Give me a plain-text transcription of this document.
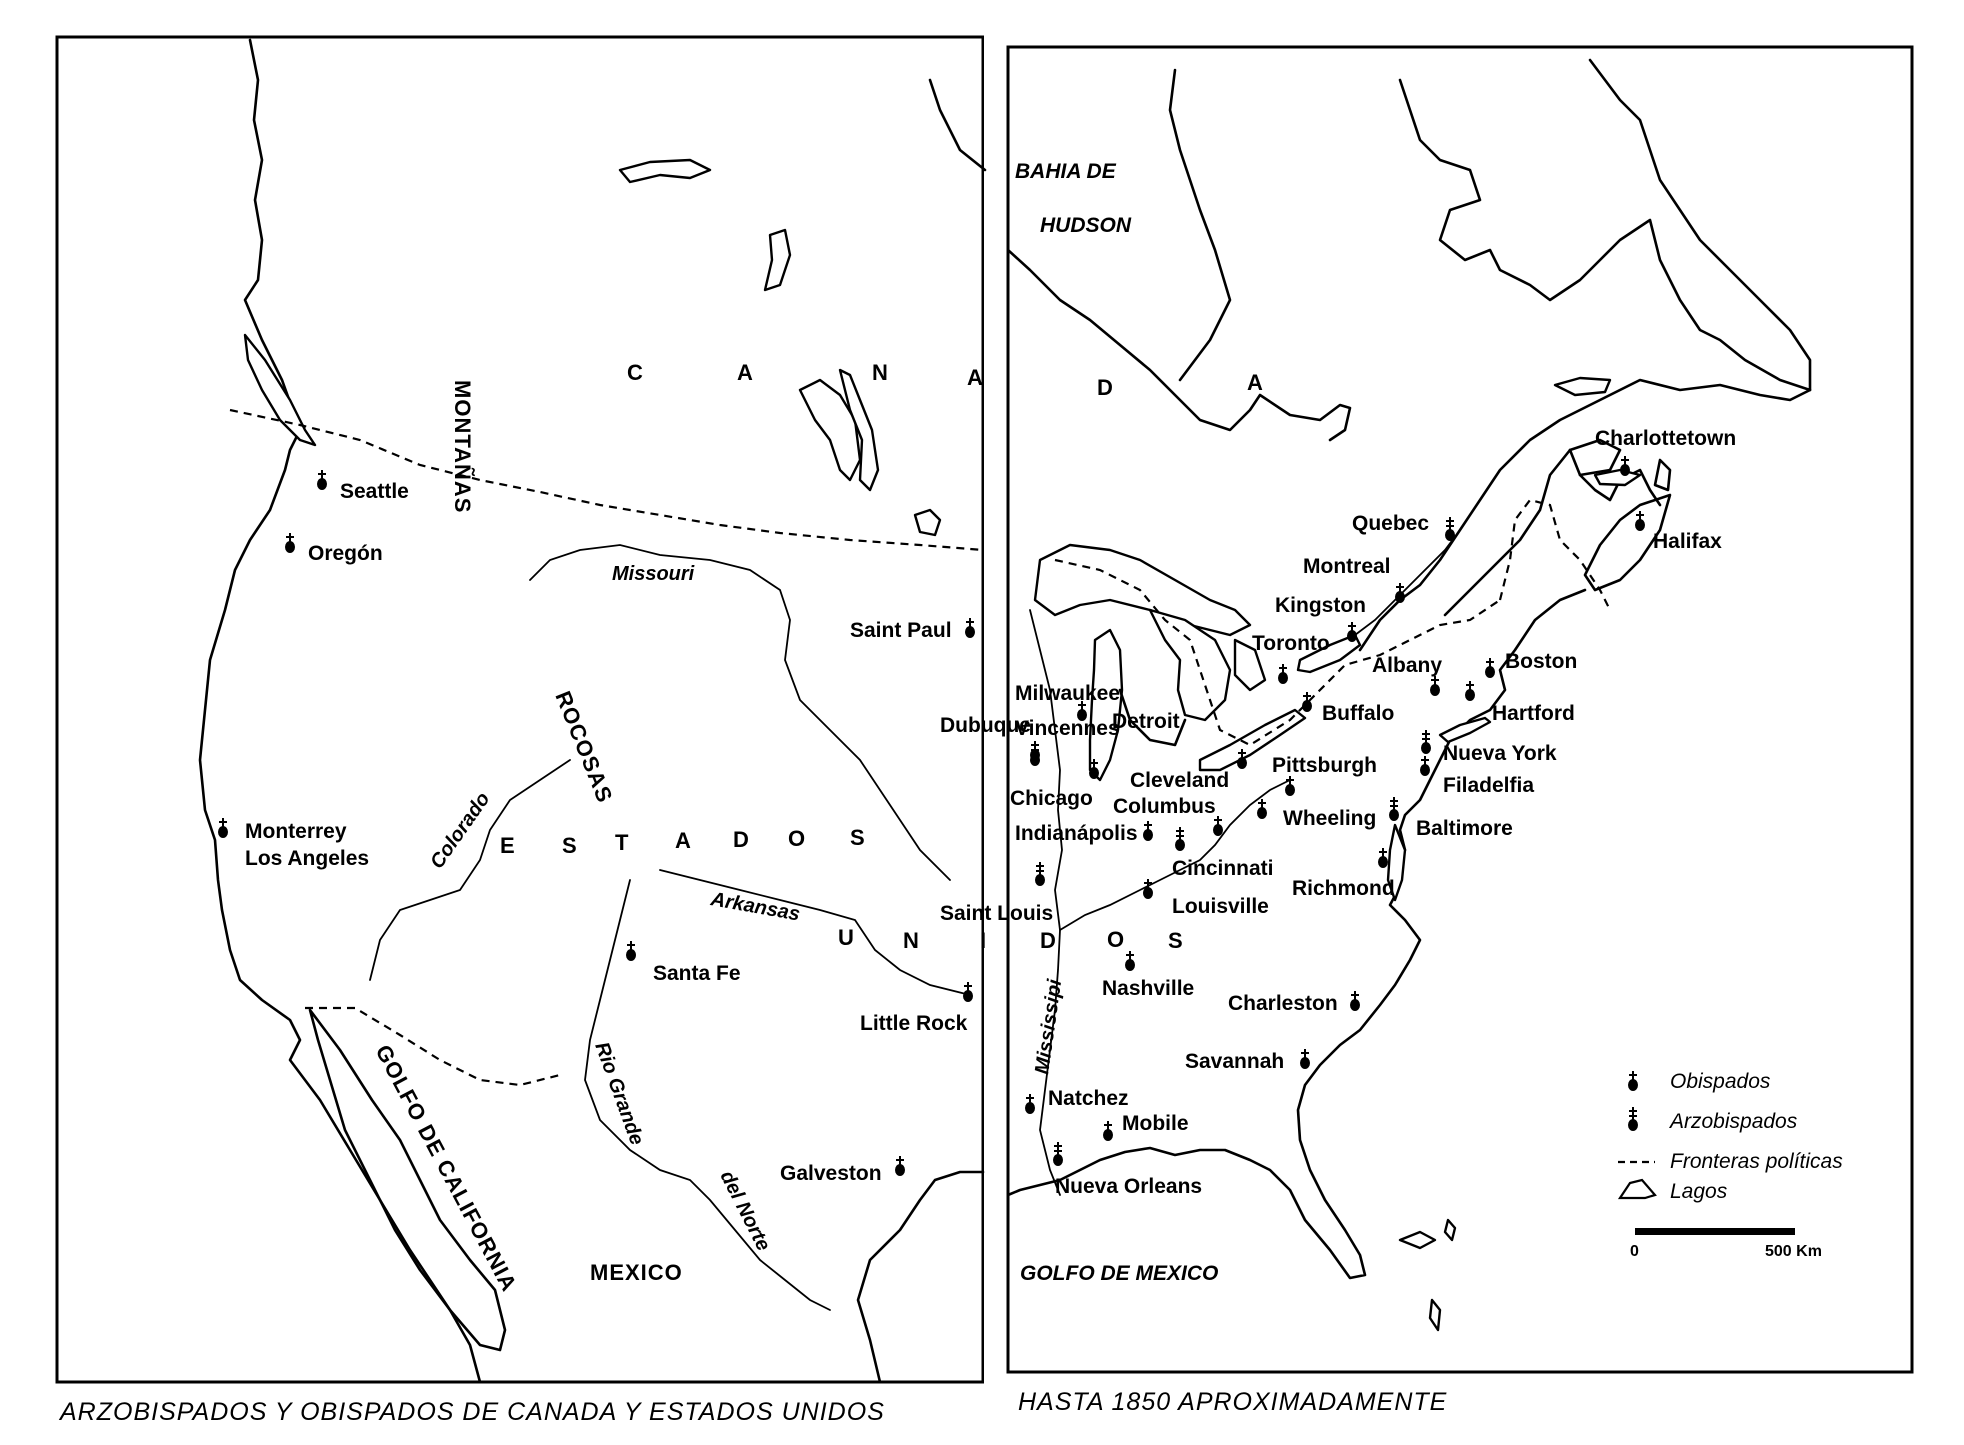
C	A	N	A	D	A
E S T A D O S
U N	I D O S
MEXICO
BAHIA DE
HUDSON
GOLFO DE MEXICO
GOLFO DE CALIFORNIA
MONTAÑAS
ROCOSAS
Missouri
Colorado
Arkansas
Rio Grande
del Norte
Mississipi
Seattle
Oregón
Monterrey
Los Angeles
Saint Paul
Milwaukee
Dubuque
Chicago
Indianápolis
Vincennes
Saint Louis
Santa Fe
Little Rock
Galveston
Natchez
Nueva Orleans
Mobile
Nashville
Louisville
Cincinnati
Columbus
Cleveland
Detroit
Pittsburgh
Wheeling
Richmond
Charleston
Savannah
Baltimore
Filadelfia
Nueva York
Hartford
Boston
Albany
Buffalo
Toronto
Kingston
Montreal
Quebec
Charlottetown
Halifax
Obispados
Arzobispados
Fronteras políticas
Lagos
0	500 Km
ARZOBISPADOS Y OBISPADOS DE CANADA Y ESTADOS UNIDOS	HASTA 1850 APROXIMADAMENTE
